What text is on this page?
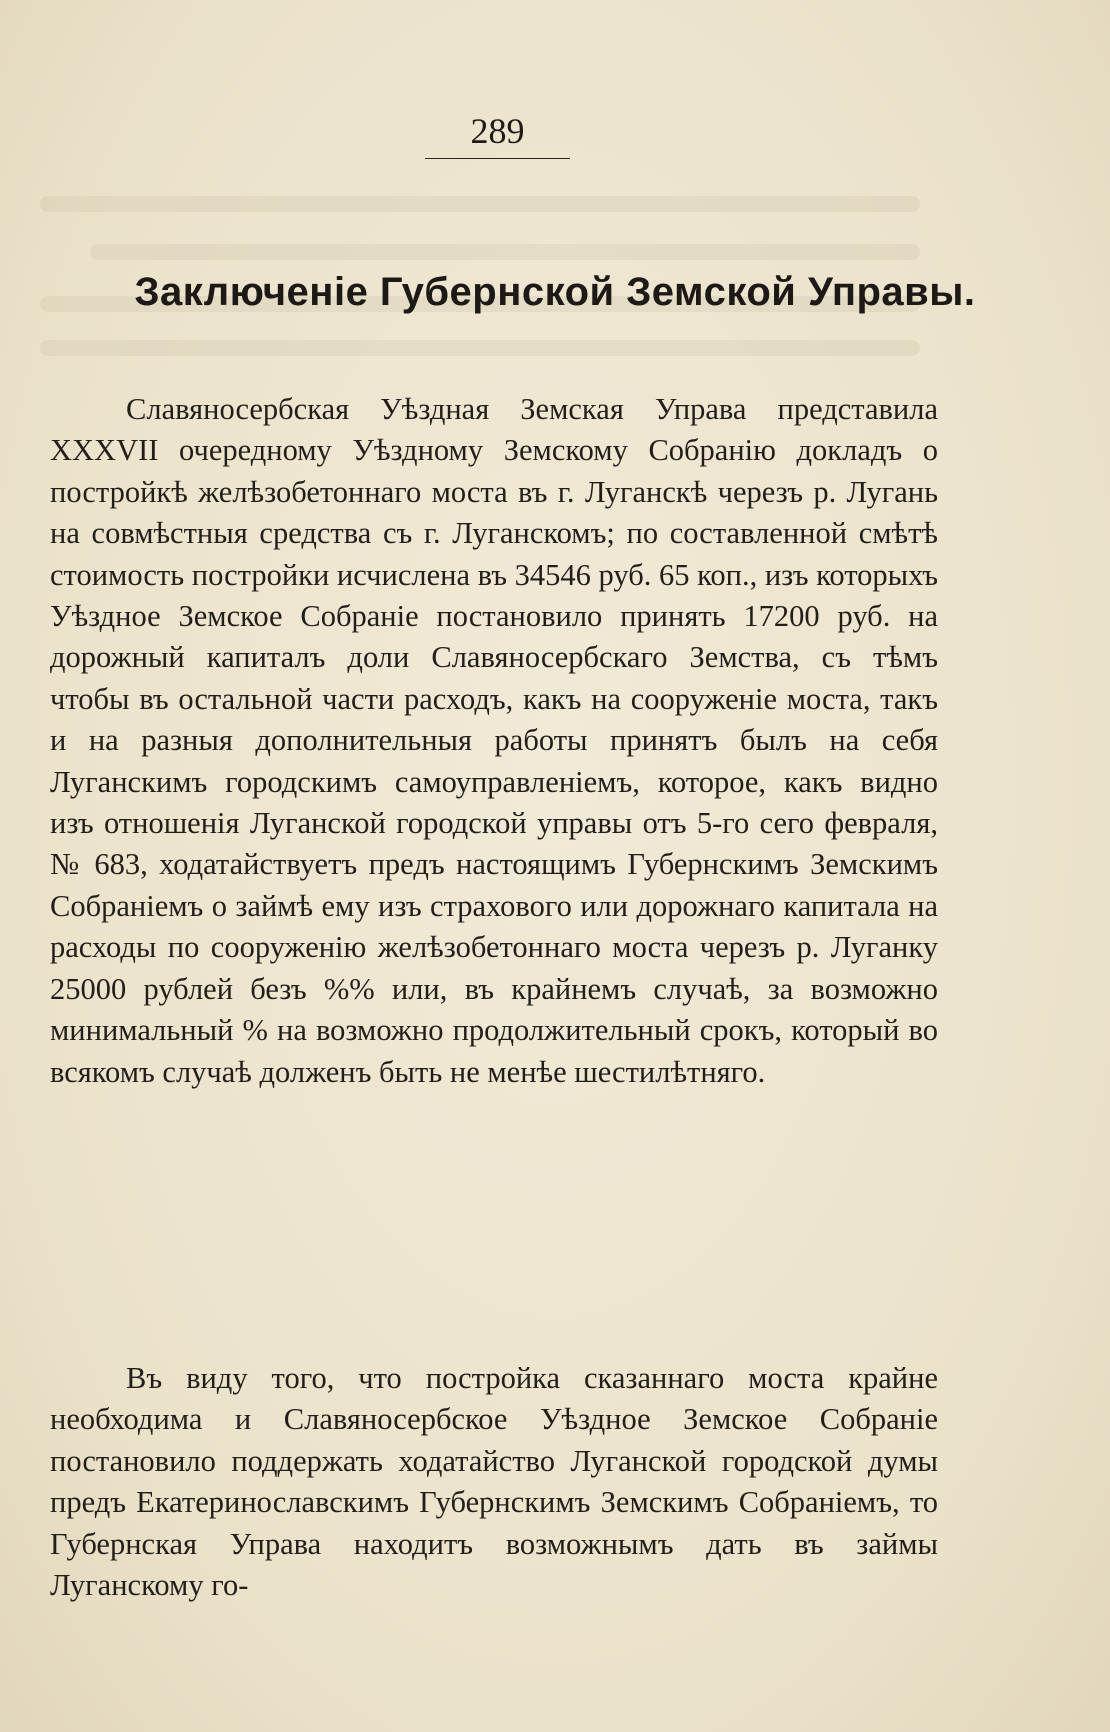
289
Заключеніе Губернской Земской Управы.
Славяносербская Уѣздная Земская Управа представила XXXVII очередному Уѣздному Земскому Собранію докладъ о постройкѣ желѣзобетоннаго моста въ г. Луганскѣ черезъ р. Лугань на совмѣстныя средства съ г. Луганскомъ; по составленной смѣтѣ стоимость постройки исчислена въ 34546 руб. 65 коп., изъ которыхъ Уѣздное Земское Собраніе постановило принять 17200 руб. на дорожный капиталъ доли Славяносербскаго Земства, съ тѣмъ чтобы въ остальной части расходъ, какъ на сооруженіе моста, такъ и на разныя дополнительныя работы принятъ былъ на себя Луганскимъ городскимъ самоуправленіемъ, которое, какъ видно изъ отношенія Луганской городской управы отъ 5-го сего февраля, № 683, ходатайствуетъ предъ настоящимъ Губернскимъ Земскимъ Собраніемъ о займѣ ему изъ страхового или дорожнаго капитала на расходы по сооруженію желѣзобетоннаго моста черезъ р. Луганку 25000 рублей безъ %% или, въ крайнемъ случаѣ, за возможно минимальный % на возможно продолжительный срокъ, который во всякомъ случаѣ долженъ быть не менѣе шестилѣтняго.
Въ виду того, что постройка сказаннаго моста крайне необходима и Славяносербское Уѣздное Земское Собраніе постановило поддержать ходатайство Луганской городской думы предъ Екатеринославскимъ Губернскимъ Земскимъ Собраніемъ, то Губернская Управа находитъ возможнымъ дать въ займы Луганскому го-
